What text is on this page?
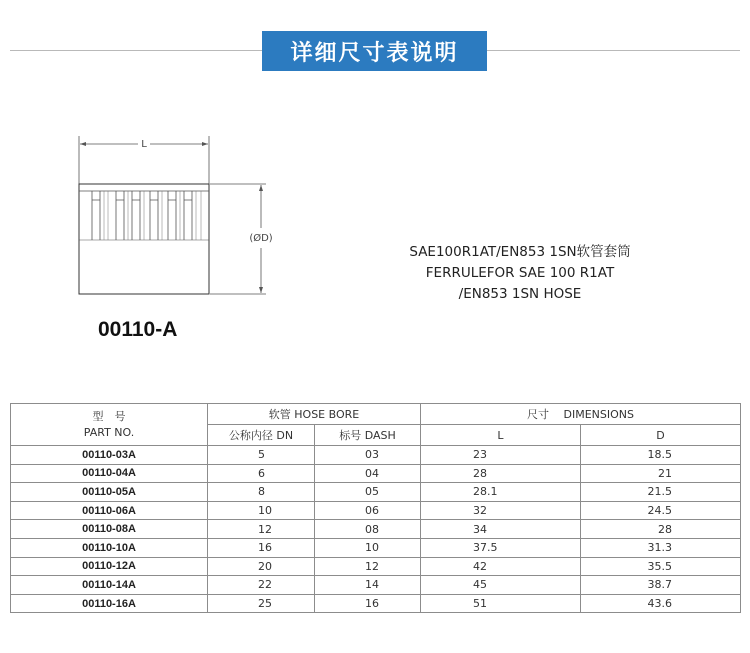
详细尺寸表说明
L
(ØD)
00110-A
SAE100R1AT/EN853 1SN软管套筒
FERRULEFOR SAE 100 R1AT
/EN853 1SN HOSE
型　号
PART NO.	软管 HOSE BORE		尺寸　 DIMENSIONS	
	公称内径 DN	标号 DASH	L	D
00110-03A	5	03	23	18.5
00110-04A	6	04	28	21
00110-05A	8	05	28.1	21.5
00110-06A	10	06	32	24.5
00110-08A	12	08	34	28
00110-10A	16	10	37.5	31.3
00110-12A	20	12	42	35.5
00110-14A	22	14	45	38.7
00110-16A	25	16	51	43.6
